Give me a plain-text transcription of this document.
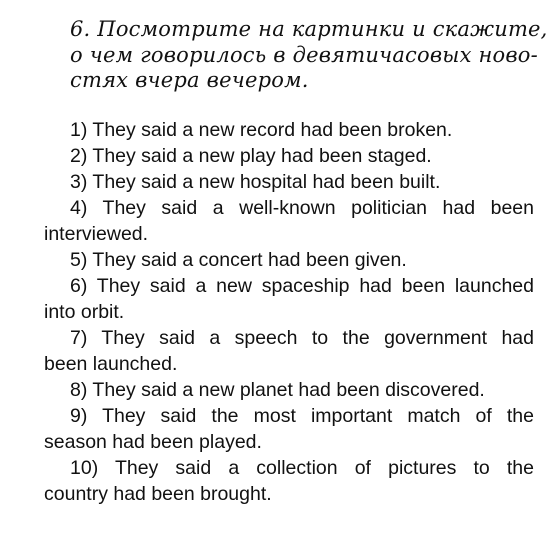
6. Посмотрите на картинки и скажите,
о чем говорилось в девятичасовых ново-
стях вчера вечером.
1) They said a new record had been broken.
2) They said a new play had been staged.
3) They said a new hospital had been built.
4) They said a well-known politician had been
interviewed.
5) They said a concert had been given.
6) They said a new spaceship had been launched
into orbit.
7) They said a speech to the government had
been launched.
8) They said a new planet had been discovered.
9) They said the most important match of the
season had been played.
10) They said a collection of pictures to the
country had been brought.
